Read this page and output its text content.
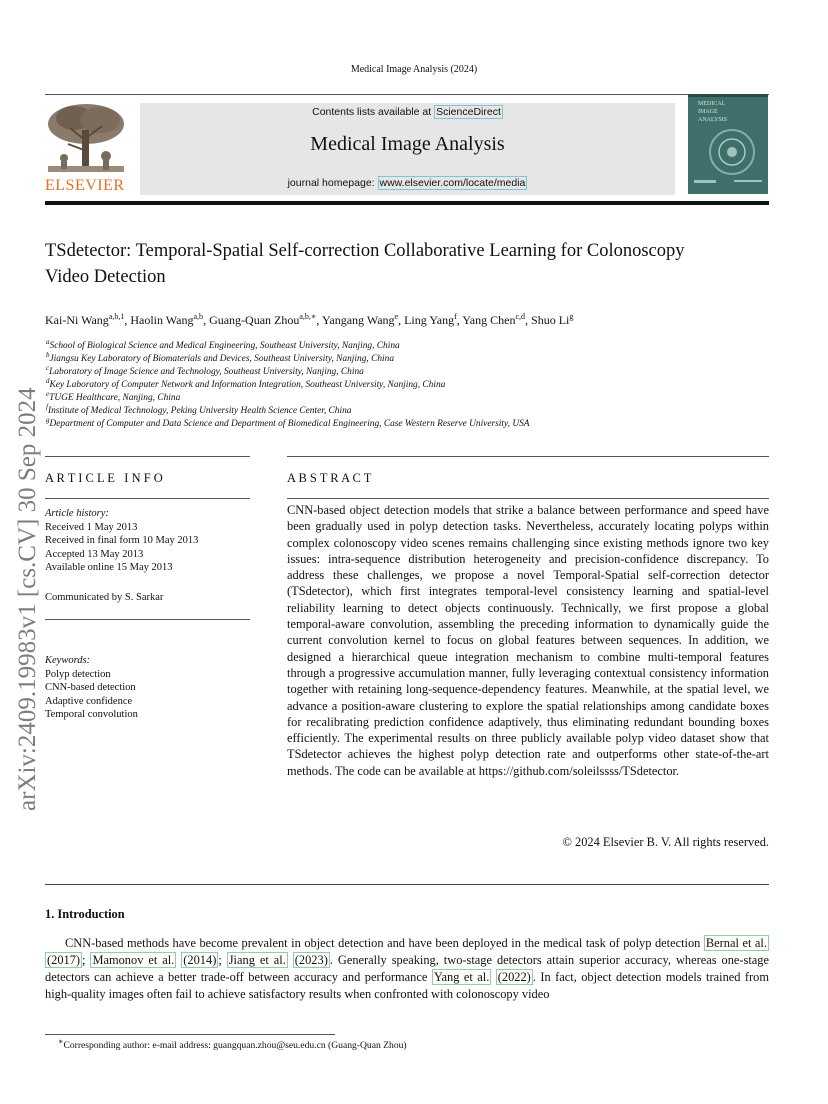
Medical Image Analysis (2024)
ELSEVIER
Contents lists available at ScienceDirect
Medical Image Analysis
journal homepage: www.elsevier.com/locate/media
MEDICAL
IMAGE
ANALYSIS
arXiv:2409.19983v1 [cs.CV] 30 Sep 2024
TSdetector: Temporal-Spatial Self-correction Collaborative Learning for Colonoscopy
Video Detection
Kai-Ni Wang$^{a,b,1}$, Haolin Wang$^{a,b}$, Guang-Quan Zhou$^{a,b,∗}$, Yangang Wang$^e$, Ling Yang$^f$, Yang Chen$^{c,d}$, Shuo Li$^g$
$^a$School of Biological Science and Medical Engineering, Southeast University, Nanjing, China
$^b$Jiangsu Key Laboratory of Biomaterials and Devices, Southeast University, Nanjing, China
$^c$Laboratory of Image Science and Technology, Southeast University, Nanjing, China
$^d$Key Laboratory of Computer Network and Information Integration, Southeast University, Nanjing, China
$^e$TUGE Healthcare, Nanjing, China
$^f$Institute of Medical Technology, Peking University Health Science Center, China
$^g$Department of Computer and Data Science and Department of Biomedical Engineering, Case Western Reserve University, USA
A R T I C L E   I N F O
Article history:
Received 1 May 2013
Received in final form 10 May 2013
Accepted 13 May 2013
Available online 15 May 2013
Communicated by S. Sarkar
Keywords:
Polyp detection
CNN-based detection
Adaptive confidence
Temporal convolution
A B S T R A C T
CNN-based object detection models that strike a balance between performance and speed have been gradually used in polyp detection tasks. Nevertheless, accurately locating polyps within complex colonoscopy video scenes remains challenging since existing methods ignore two key issues: intra-sequence distribution heterogeneity and precision-confidence discrepancy. To address these challenges, we propose a novel Temporal-Spatial self-correction detector (TSdetector), which first integrates temporal-level consistency learning and spatial-level reliability learning to detect objects continuously. Technically, we first propose a global temporal-aware convolution, assembling the preceding information to dynamically guide the current convolution kernel to focus on global features between sequences. In addition, we designed a hierarchical queue integration mechanism to combine multi-temporal features through a progressive accumulation manner, fully leveraging contextual consistency information together with retaining long-sequence-dependency features. Meanwhile, at the spatial level, we advance a position-aware clustering to explore the spatial relationships among candidate boxes for recalibrating prediction confidence adaptively, thus eliminating redundant bounding boxes efficiently. The experimental results on three publicly available polyp video dataset show that TSdetector achieves the highest polyp detection rate and outperforms other state-of-the-art methods. The code can be available at https://github.com/soleilssss/TSdetector.
© 2024 Elsevier B. V. All rights reserved.
1. Introduction

CNN-based methods have become prevalent in object detection and have been deployed in the medical task of polyp detection Bernal et al. (2017) ; Mamonov et al. (2014) ; Jiang et al. (2023) . Generally speaking, two-stage detectors attain superior accuracy, whereas one-stage detectors can achieve a better trade-off between accuracy and performance Yang et al. (2022) . In fact, object detection models trained from high-quality images often fail to achieve satisfactory results when confronted with colonoscopy video

∗Corresponding author: e-mail address: guangquan.zhou@seu.edu.cn (Guang-Quan Zhou)
